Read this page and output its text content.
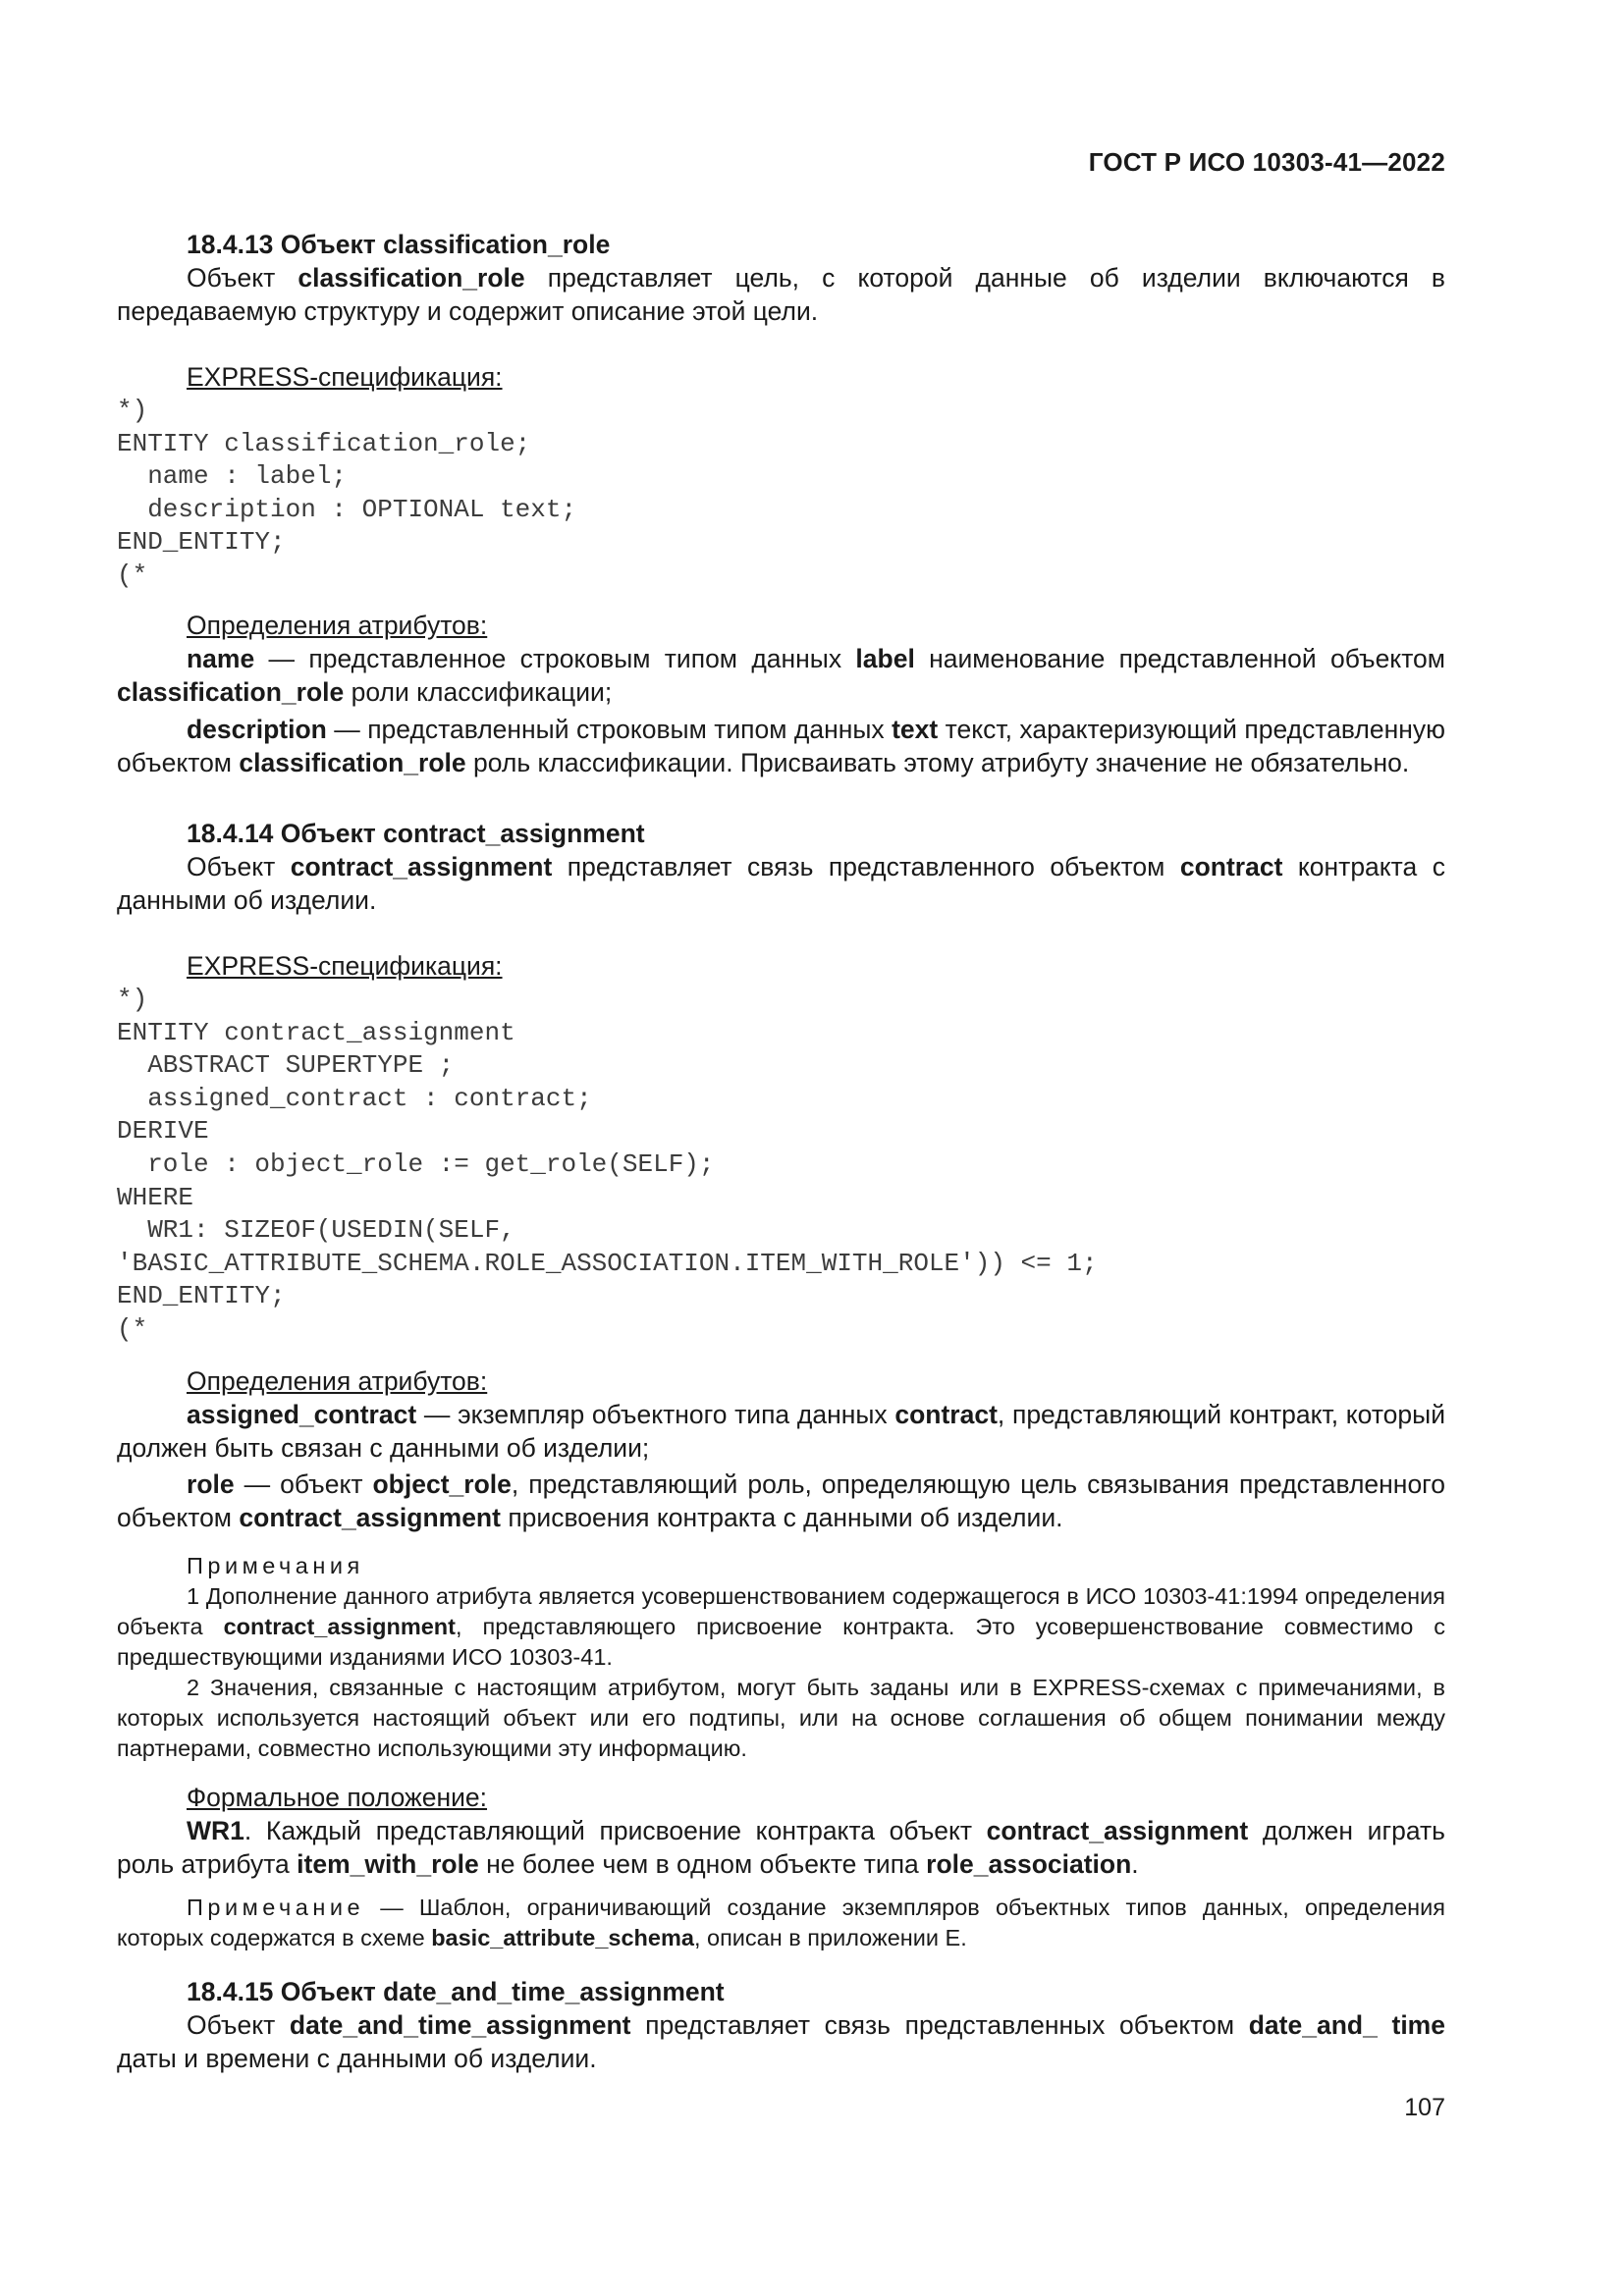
ГОСТ Р ИСО 10303-41—2022
18.4.13 Объект classification_role
Объект classification_role представляет цель, с которой данные об изделии включаются в передаваемую структуру и содержит описание этой цели.
EXPRESS-спецификация:
*)
ENTITY classification_role;
name : label;
description : OPTIONAL text;
END_ENTITY;
(*
Определения атрибутов:
name — представленное строковым типом данных label наименование представленной объектом classification_role роли классификации;
description — представленный строковым типом данных text текст, характеризующий представленную объектом classification_role роль классификации. Присваивать этому атрибуту значение не обязательно.
18.4.14 Объект contract_assignment
Объект contract_assignment представляет связь представленного объектом contract контракта с данными об изделии.
EXPRESS-спецификация:
*)
ENTITY contract_assignment
ABSTRACT SUPERTYPE ;
assigned_contract : contract;
DERIVE
role : object_role := get_role(SELF);
WHERE
WR1: SIZEOF(USEDIN(SELF,
'BASIC_ATTRIBUTE_SCHEMA.ROLE_ASSOCIATION.ITEM_WITH_ROLE')) <= 1;
END_ENTITY;
(*
Определения атрибутов:
assigned_contract — экземпляр объектного типа данных contract, представляющий контракт, который должен быть связан с данными об изделии;
role — объект object_role, представляющий роль, определяющую цель связывания представленного объектом contract_assignment присвоения контракта с данными об изделии.
Примечания
1 Дополнение данного атрибута является усовершенствованием содержащегося в ИСО 10303-41:1994 определения объекта contract_assignment, представляющего присвоение контракта. Это усовершенствование совместимо с предшествующими изданиями ИСО 10303-41.
2 Значения, связанные с настоящим атрибутом, могут быть заданы или в EXPRESS-схемах с примечаниями, в которых используется настоящий объект или его подтипы, или на основе соглашения об общем понимании между партнерами, совместно использующими эту информацию.
Формальное положение:
WR1. Каждый представляющий присвоение контракта объект contract_assignment должен играть роль атрибута item_with_role не более чем в одном объекте типа role_association.
Примечание — Шаблон, ограничивающий создание экземпляров объектных типов данных, определения которых содержатся в схеме basic_attribute_schema, описан в приложении Е.
18.4.15 Объект date_and_time_assignment
Объект date_and_time_assignment представляет связь представленных объектом date_and_ time даты и времени с данными об изделии.
107
